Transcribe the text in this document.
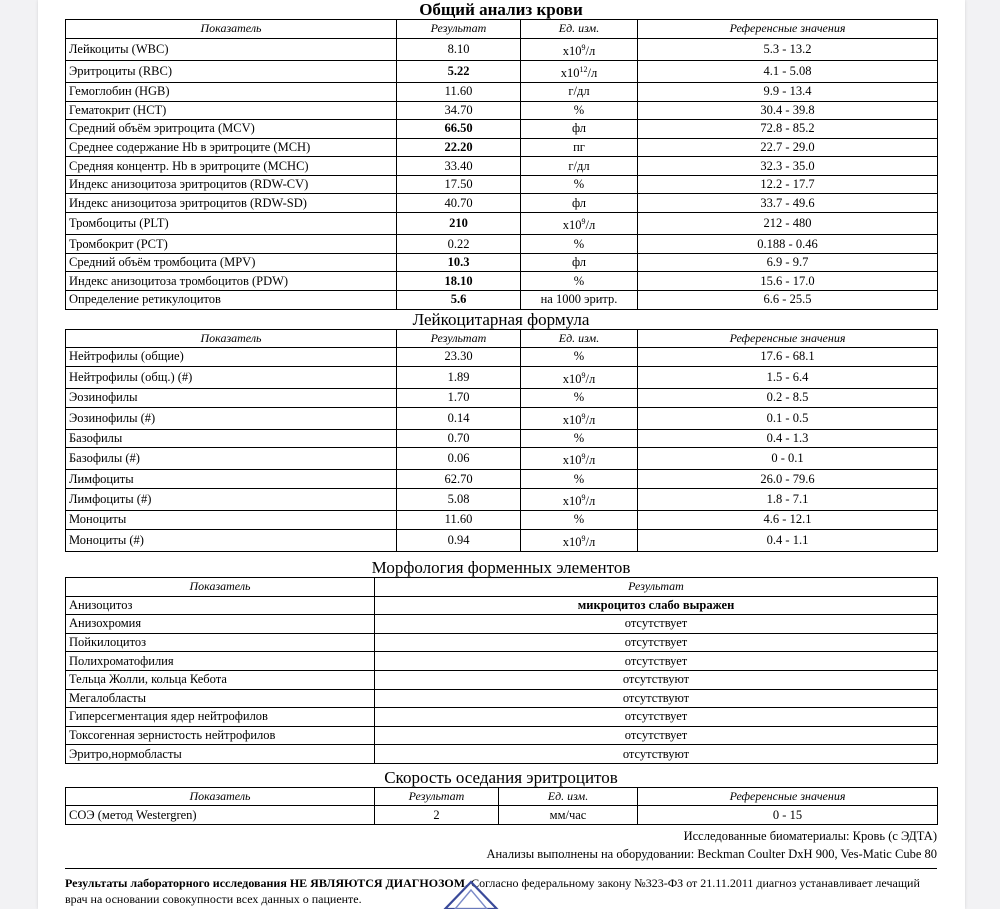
Общий анализ крови
Показатель	Результат	Ед. изм.	Референсные значения
Лейкоциты (WBC)	8.10	$x10^9/л$	5.3 - 13.2
Эритроциты (RBC)	5.22	$x10^{12}/л$	4.1 - 5.08
Гемоглобин (HGB)	11.60	г/дл	9.9 - 13.4
Гематокрит (HCT)	34.70	%	30.4 - 39.8
Средний объём эритроцита (MCV)	66.50	фл	72.8 - 85.2
Среднее содержание Hb в эритроците (MCH)	22.20	пг	22.7 - 29.0
Средняя концентр. Hb в эритроците (MCHC)	33.40	г/дл	32.3 - 35.0
Индекс анизоцитоза эритроцитов (RDW-CV)	17.50	%	12.2 - 17.7
Индекс анизоцитоза эритроцитов (RDW-SD)	40.70	фл	33.7 - 49.6
Тромбоциты (PLT)	210	$x10^9/л$	212 - 480
Тромбокрит (PCT)	0.22	%	0.188 - 0.46
Средний объём тромбоцита (MPV)	10.3	фл	6.9 - 9.7
Индекс анизоцитоза тромбоцитов (PDW)	18.10	%	15.6 - 17.0
Определение ретикулоцитов	5.6	на 1000 эритр.	6.6 - 25.5
Лейкоцитарная формула
Показатель	Результат	Ед. изм.	Референсные значения
Нейтрофилы (общие)	23.30	%	17.6 - 68.1
Нейтрофилы (общ.) (#)	1.89	$x10^9/л$	1.5 - 6.4
Эозинофилы	1.70	%	0.2 - 8.5
Эозинофилы (#)	0.14	$x10^9/л$	0.1 - 0.5
Базофилы	0.70	%	0.4 - 1.3
Базофилы (#)	0.06	$x10^9/л$	0 - 0.1
Лимфоциты	62.70	%	26.0 - 79.6
Лимфоциты (#)	5.08	$x10^9/л$	1.8 - 7.1
Моноциты	11.60	%	4.6 - 12.1
Моноциты (#)	0.94	$x10^9/л$	0.4 - 1.1
Морфология форменных элементов
Показатель	Результат
Анизоцитоз	микроцитоз слабо выражен
Анизохромия	отсутствует
Пойкилоцитоз	отсутствует
Полихроматофилия	отсутствует
Тельца Жолли, кольца Кебота	отсутствуют
Мегалобласты	отсутствуют
Гиперсегментация ядер нейтрофилов	отсутствует
Токсогенная зернистость нейтрофилов	отсутствует
Эритро,нормобласты	отсутствуют
Скорость оседания эритроцитов
Показатель	Результат	Ед. изм.	Референсные значения
СОЭ (метод Westergren)	2	мм/час	0 - 15
Исследованные биоматериалы: Кровь (с ЭДТА)
Анализы выполнены на оборудовании: Beckman Coulter DxH 900, Ves-Matic Cube 80
Результаты лабораторного исследования НЕ ЯВЛЯЮТСЯ ДИАГНОЗОМ. Согласно федеральному закону №323-ФЗ от 21.11.2011 диагноз устанавливает лечащий врач на основании совокупности всех данных о пациенте.
